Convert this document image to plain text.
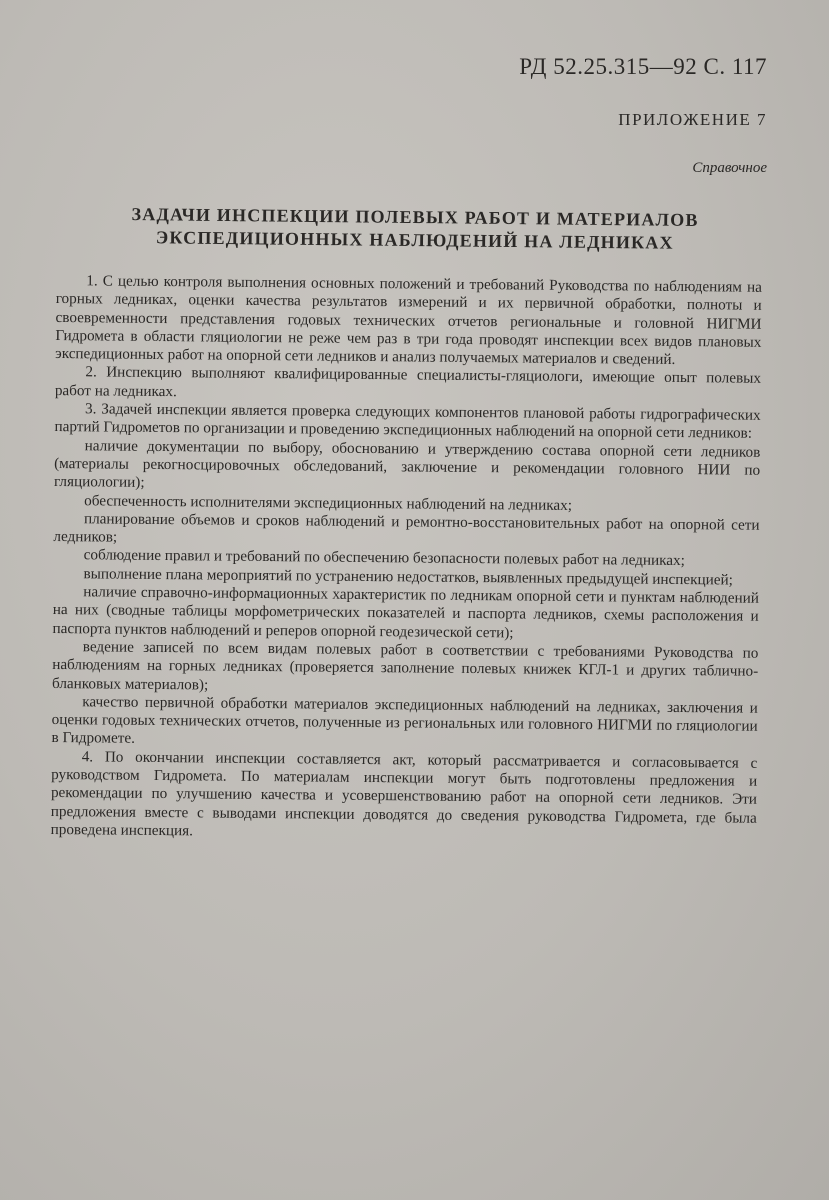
РД 52.25.315—92 С. 117
ПРИЛОЖЕНИЕ 7
Справочное
ЗАДАЧИ ИНСПЕКЦИИ ПОЛЕВЫХ РАБОТ И МАТЕРИАЛОВ
ЭКСПЕДИЦИОННЫХ НАБЛЮДЕНИЙ НА ЛЕДНИКАХ

1. С целью контроля выполнения основных положений и требований Руководства по наблюдениям на горных ледниках, оценки качества результатов измерений и их первичной обработки, полноты и своевременности представления годовых технических отчетов региональные и головной НИГМИ Гидромета в области гляциологии не реже чем раз в три года проводят инспекции всех видов плановых экспедиционных работ на опорной сети ледников и анализ получаемых материалов и сведений.

2. Инспекцию выполняют квалифицированные специалисты-гляциологи, имеющие опыт полевых работ на ледниках.

3. Задачей инспекции является проверка следующих компонентов плановой работы гидрографических партий Гидрометов по организации и проведению экспедиционных наблюдений на опорной сети ледников:

наличие документации по выбору, обоснованию и утверждению состава опорной сети ледников (материалы рекогносцировочных обследований, заключение и рекомендации головного НИИ по гляциологии);

обеспеченность исполнителями экспедиционных наблюдений на ледниках;

планирование объемов и сроков наблюдений и ремонтно-восстановительных работ на опорной сети ледников;

соблюдение правил и требований по обеспечению безопасности полевых работ на ледниках;

выполнение плана мероприятий по устранению недостатков, выявленных предыдущей инспекцией;

наличие справочно-информационных характеристик по ледникам опорной сети и пунктам наблюдений на них (сводные таблицы морфометрических показателей и паспорта ледников, схемы расположения и паспорта пунктов наблюдений и реперов опорной геодезической сети);

ведение записей по всем видам полевых работ в соответствии с требованиями Руководства по наблюдениям на горных ледниках (проверяется заполнение полевых книжек КГЛ-1 и других таблично-бланковых материалов);

качество первичной обработки материалов экспедиционных наблюдений на ледниках, заключения и оценки годовых технических отчетов, полученные из региональных или головного НИГМИ по гляциологии в Гидромете.

4. По окончании инспекции составляется акт, который рассматривается и согласовывается с руководством Гидромета. По материалам инспекции могут быть подготовлены предложения и рекомендации по улучшению качества и усовершенствованию работ на опорной сети ледников. Эти предложения вместе с выводами инспекции доводятся до сведения руководства Гидромета, где была проведена инспекция.
